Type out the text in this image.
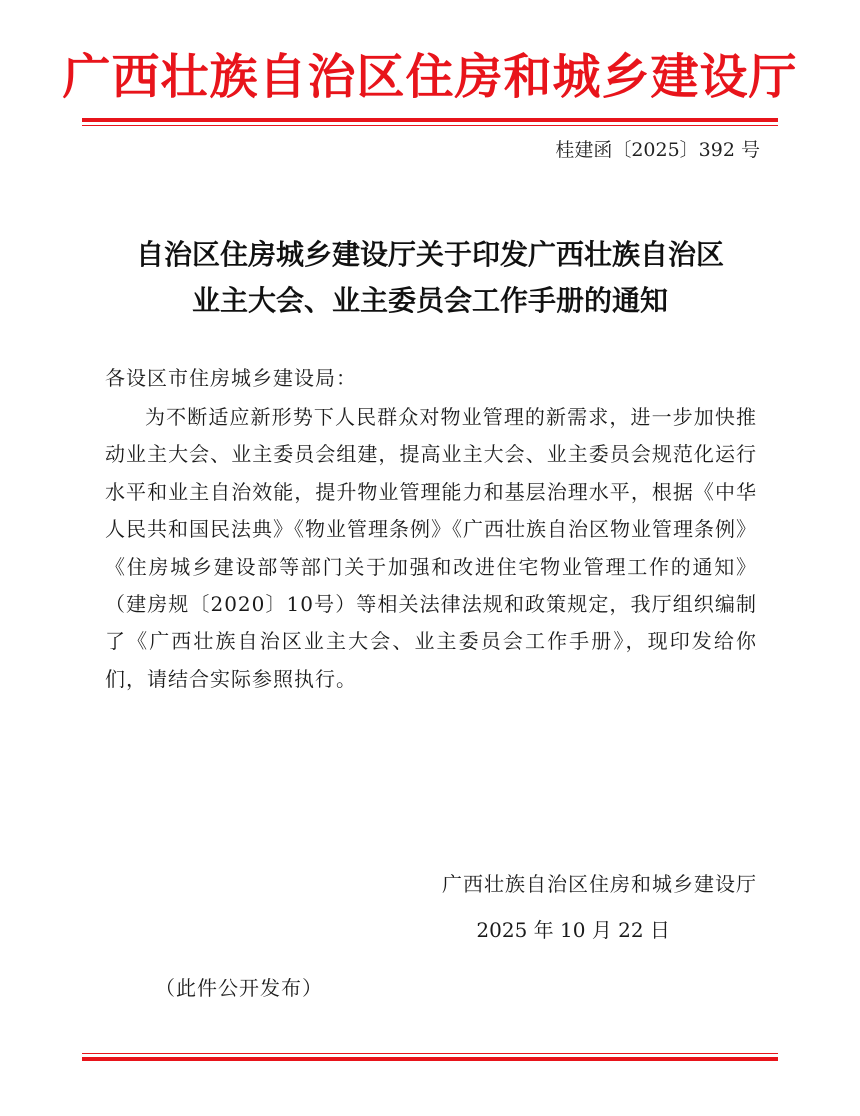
广西壮族自治区住房和城乡建设厅
桂建函〔2025〕392 号
自治区住房城乡建设厅关于印发广西壮族自治区
业主大会、业主委员会工作手册的通知
各设区市住房城乡建设局：

为不断适应新形势下人民群众对物业管理的新需求，进一步加快推动业主大会、业主委员会组建，提高业主大会、业主委员会规范化运行水平和业主自治效能，提升物业管理能力和基层治理水平，根据《中华人民共和国民法典》《物业管理条例》《广西壮族自治区物业管理条例》《住房城乡建设部等部门关于加强和改进住宅物业管理工作的通知》（建房规〔2020〕10号）等相关法律法规和政策规定，我厅组织编制了《广西壮族自治区业主大会、业主委员会工作手册》，现印发给你们，请结合实际参照执行。

广西壮族自治区住房和城乡建设厅
2025 年 10 月 22 日
（此件公开发布）
